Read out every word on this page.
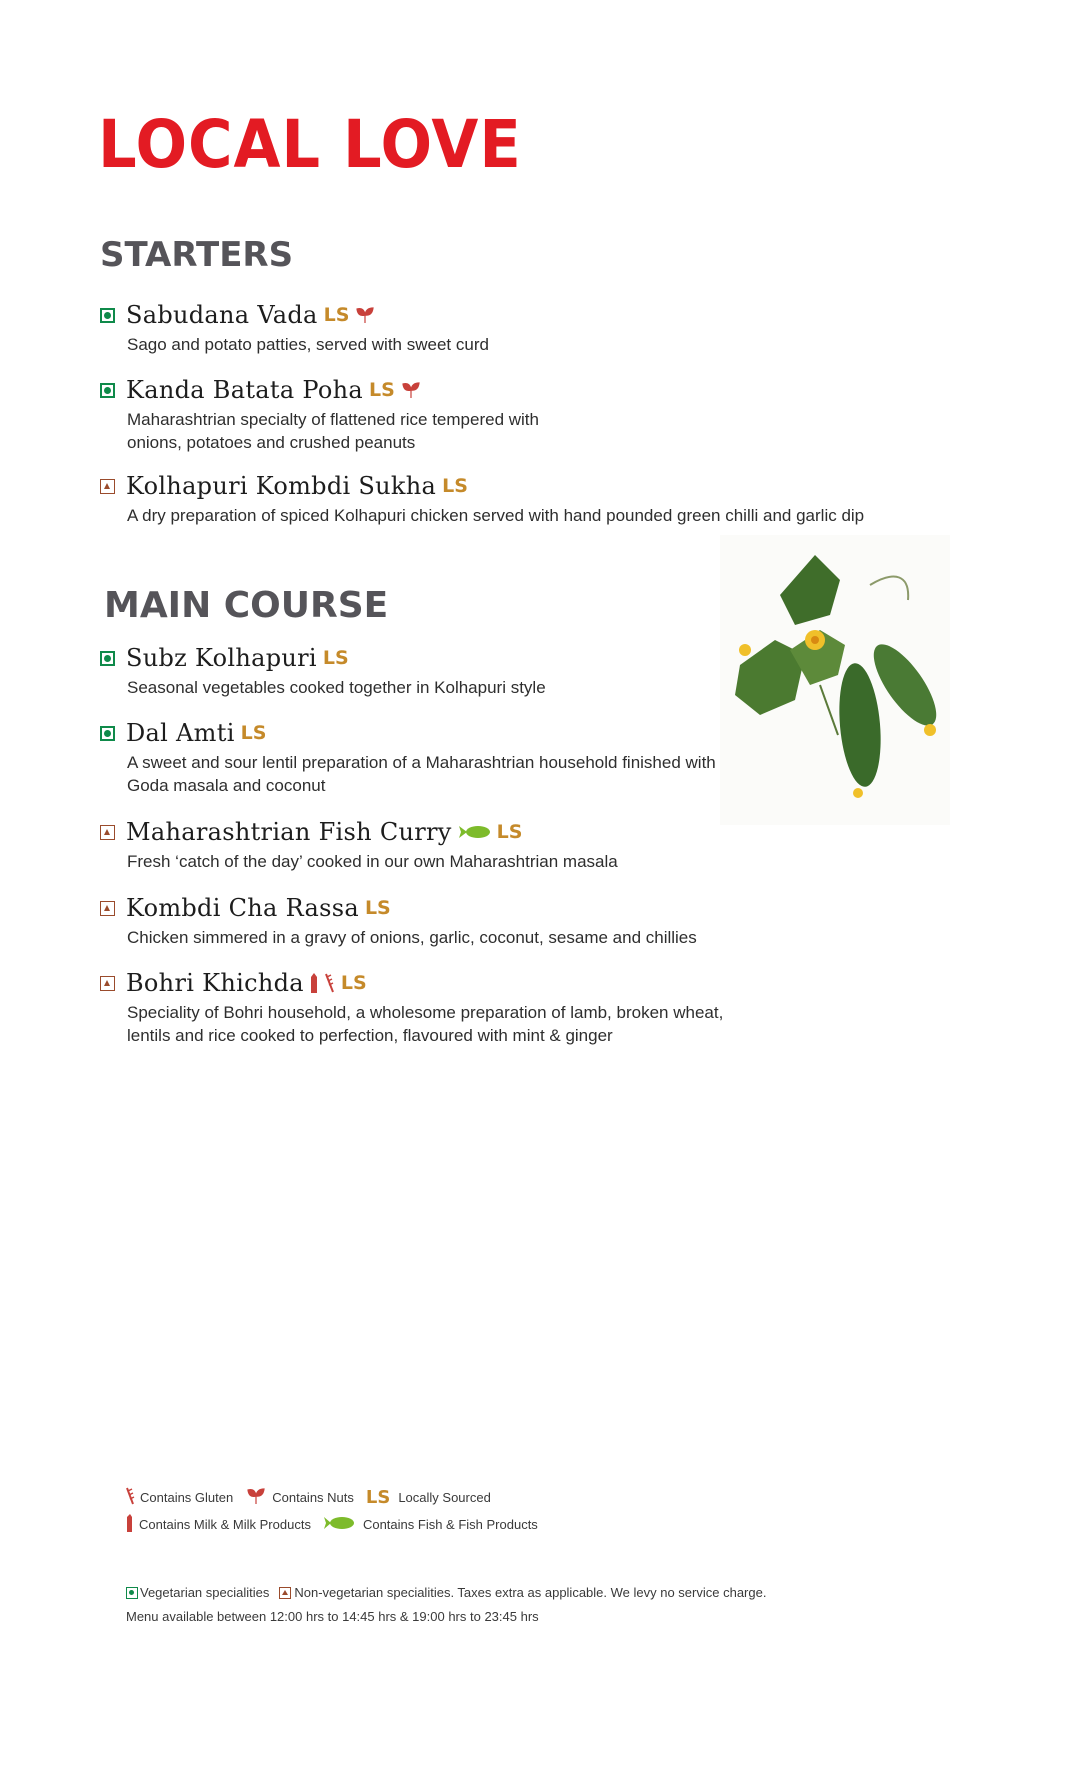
LOCAL LOVE
STARTERS
Sabudana Vada LS
Sago and potato patties, served with sweet curd
Kanda Batata Poha LS
Maharashtrian specialty of flattened rice tempered with
onions, potatoes and crushed peanuts
Kolhapuri Kombdi Sukha LS
A dry preparation of spiced Kolhapuri chicken served with hand pounded green chilli and garlic dip
MAIN COURSE
Subz Kolhapuri LS
Seasonal vegetables cooked together in Kolhapuri style
Dal Amti LS
A sweet and sour lentil preparation of a Maharashtrian household finished with
Goda masala and coconut
Maharashtrian Fish Curry LS
Fresh ‘catch of the day’ cooked in our own Maharashtrian masala
Kombdi Cha Rassa LS
Chicken simmered in a gravy of onions, garlic, coconut, sesame and chillies
Bohri Khichda LS
Speciality of Bohri household, a wholesome preparation of lamb, broken wheat,
lentils and rice cooked to perfection, flavoured with mint & ginger
Contains Gluten	Contains Nuts LS Locally Sourced
Contains Milk & Milk Products	Contains Fish & Fish Products
Vegetarian specialities Non-vegetarian specialities. Taxes extra as applicable. We levy no service charge.
Menu available between 12:00 hrs to 14:45 hrs & 19:00 hrs to 23:45 hrs
